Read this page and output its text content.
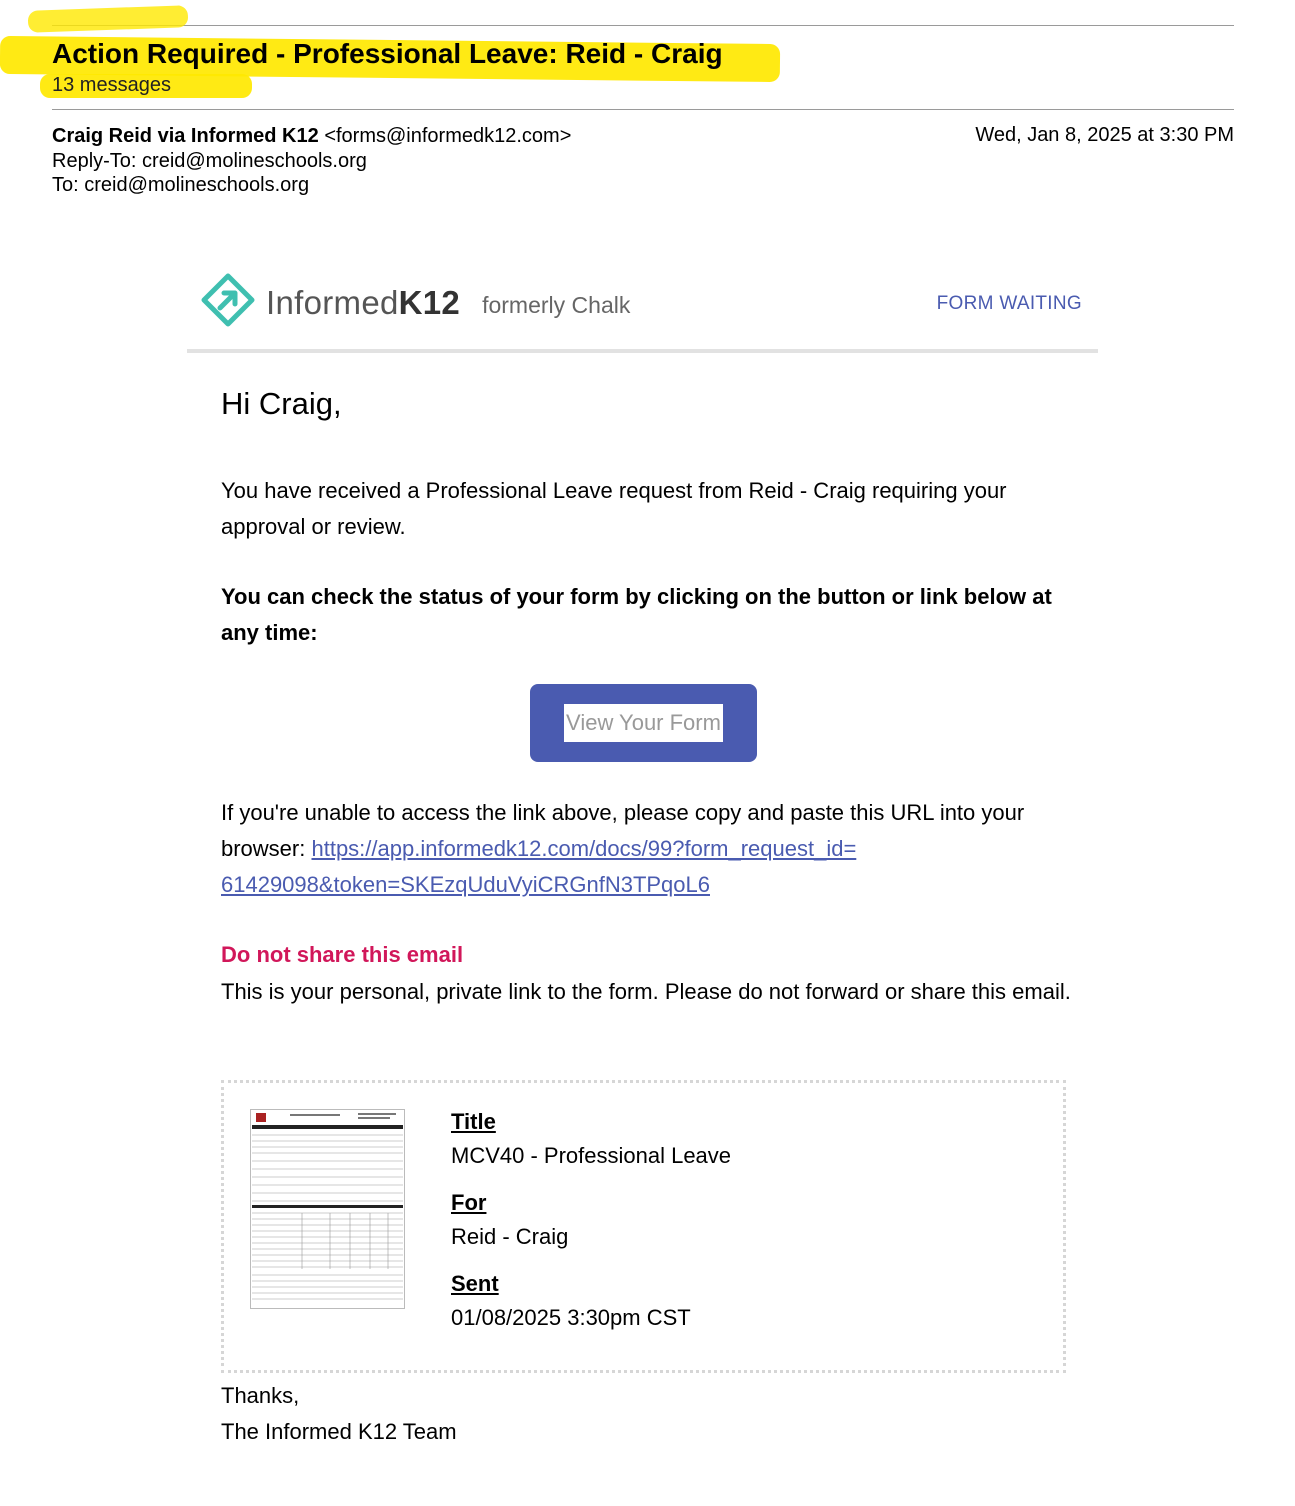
Action Required - Professional Leave: Reid - Craig
13 messages
Craig Reid via Informed K12 <forms@informedk12.com>
Reply-To: creid@molineschools.org
To: creid@molineschools.org
Wed, Jan 8, 2025 at 3:30 PM
InformedK12 formerly Chalk	FORM WAITING
Hi Craig,
You have received a Professional Leave request from Reid - Craig requiring your approval or review.
You can check the status of your form by clicking on the button or link below at any time:
View Your Form
If you're unable to access the link above, please copy and paste this URL into your browser: https://app.informedk12.com/docs/99?form_request_id=
61429098&token=SKEzqUduVyiCRGnfN3TPqoL6
Do not share this email
This is your personal, private link to the form. Please do not forward or share this email.
Title
MCV40 - Professional Leave
For
Reid - Craig
Sent
01/08/2025 3:30pm CST
Thanks,
The Informed K12 Team
